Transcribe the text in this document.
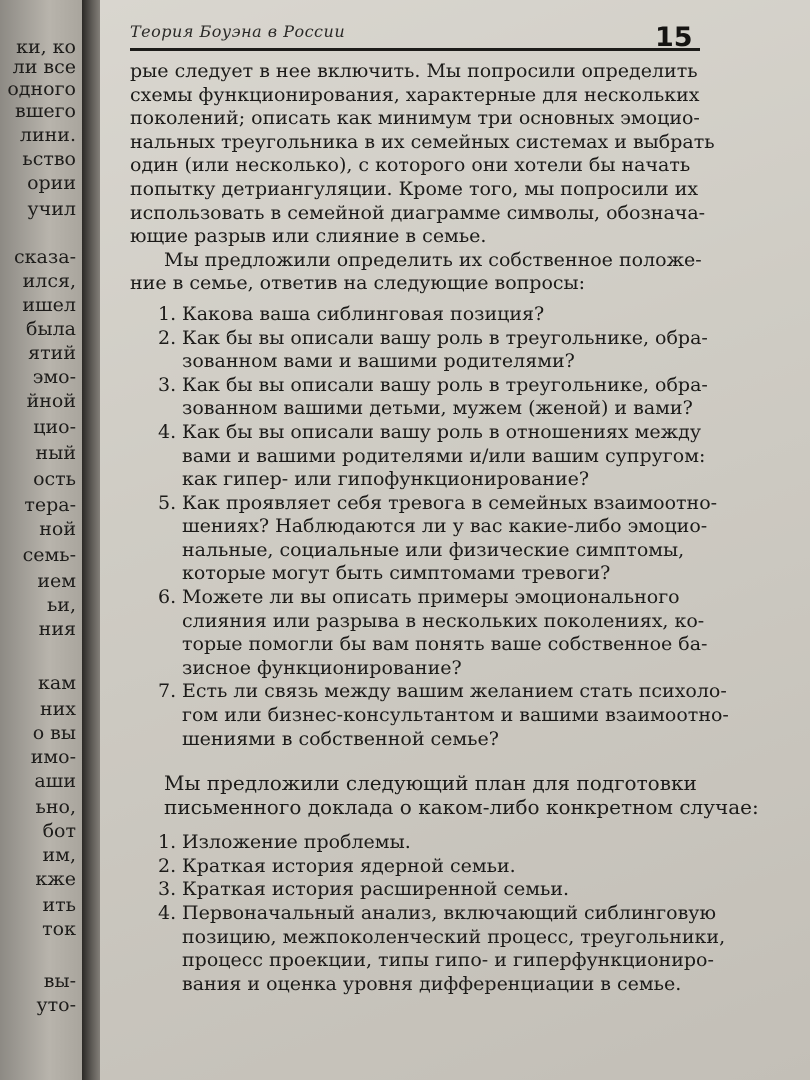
ки, ко
ли все
одного
вшего
лини.
ьство
ории
учил
сказа-
ился,
ишел
была
ятий
эмо-
йной
цио-
ный
ость
тера-
ной
семь-
ием
ьи,
ния
кам
них
о вы
имо-
аши
ьно,
бот
им,
кже
ить
ток
вы-
уто-
Теория Боуэна в России	15

рые следует в нее включить. Мы попросили определить
схемы функционирования, характерные для нескольких
поколений; описать как минимум три основных эмоцио-
нальных треугольника в их семейных системах и выбрать
один (или несколько), с которого они хотели бы начать
попытку детриангуляции. Кроме того, мы попросили их
использовать в семейной диаграмме символы, обознача-
ющие разрыв или слияние в семье.

Мы предложили определить их собственное положе-
ние в семье, ответив на следующие вопросы:

1. Какова ваша сиблинговая позиция?
2. Как бы вы описали вашу роль в треугольнике, обра-
зованном вами и вашими родителями?
3. Как бы вы описали вашу роль в треугольнике, обра-
зованном вашими детьми, мужем (женой) и вами?
4. Как бы вы описали вашу роль в отношениях между
вами и вашими родителями и/или вашим супругом:
как гипер- или гипофункционирование?
5. Как проявляет себя тревога в семейных взаимоотно-
шениях? Наблюдаются ли у вас какие-либо эмоцио-
нальные, социальные или физические симптомы,
которые могут быть симптомами тревоги?
6. Можете ли вы описать примеры эмоционального
слияния или разрыва в нескольких поколениях, ко-
торые помогли бы вам понять ваше собственное ба-
зисное функционирование?
7. Есть ли связь между вашим желанием стать психоло-
гом или бизнес-консультантом и вашими взаимоотно-
шениями в собственной семье?

Мы предложили следующий план для подготовки
письменного доклада о каком-либо конкретном случае:

1. Изложение проблемы.
2. Краткая история ядерной семьи.
3. Краткая история расширенной семьи.
4. Первоначальный анализ, включающий сиблинговую
позицию, межпоколенческий процесс, треугольники,
процесс проекции, типы гипо- и гиперфункциониро-
вания и оценка уровня дифференциации в семье.
